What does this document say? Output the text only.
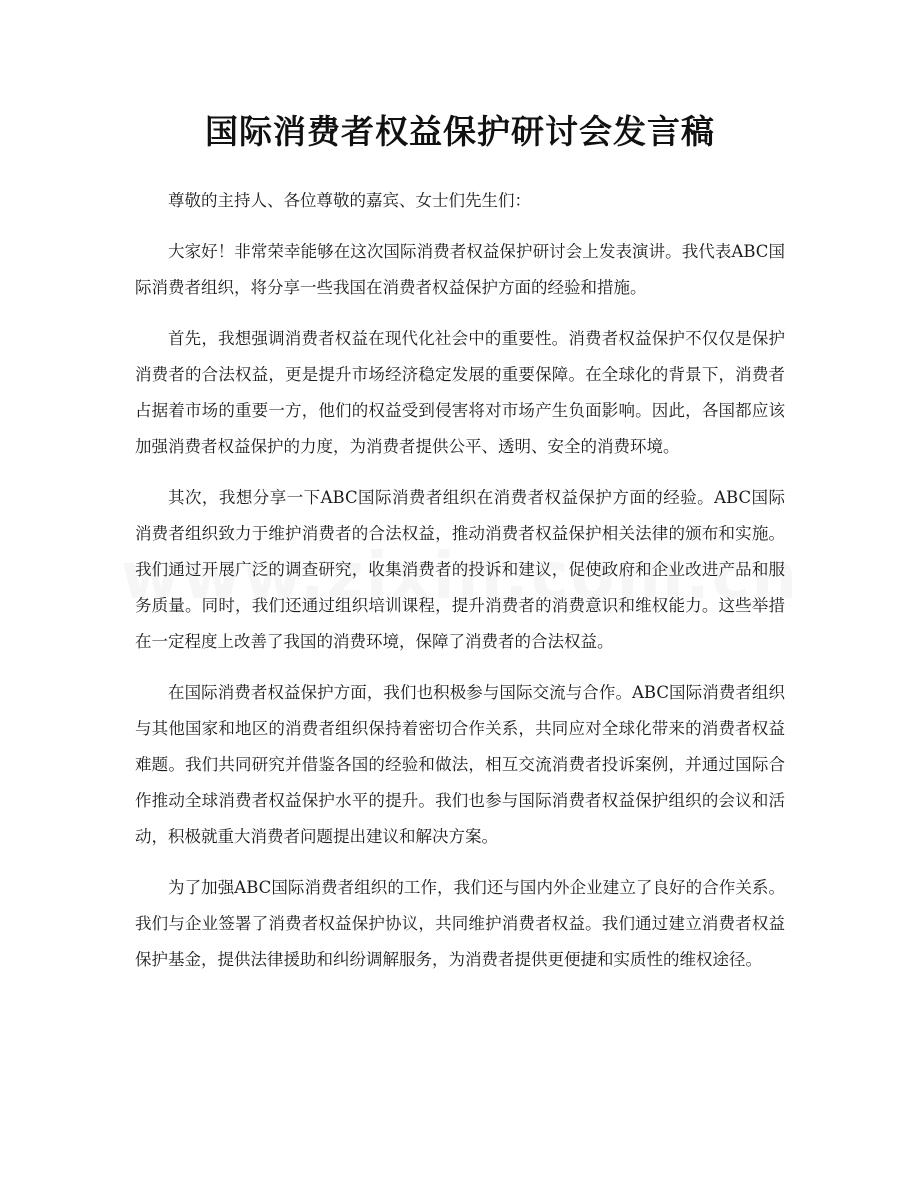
国际消费者权益保护研讨会发言稿

尊敬的主持人、各位尊敬的嘉宾、女士们先生们：

大家好！非常荣幸能够在这次国际消费者权益保护研讨会上发表演讲。我代表ABC国际消费者组织，将分享一些我国在消费者权益保护方面的经验和措施。

首先，我想强调消费者权益在现代化社会中的重要性。消费者权益保护不仅仅是保护消费者的合法权益，更是提升市场经济稳定发展的重要保障。在全球化的背景下，消费者占据着市场的重要一方，他们的权益受到侵害将对市场产生负面影响。因此，各国都应该加强消费者权益保护的力度，为消费者提供公平、透明、安全的消费环境。

其次，我想分享一下ABC国际消费者组织在消费者权益保护方面的经验。ABC国际消费者组织致力于维护消费者的合法权益，推动消费者权益保护相关法律的颁布和实施。我们通过开展广泛的调查研究，收集消费者的投诉和建议，促使政府和企业改进产品和服务质量。同时，我们还通过组织培训课程，提升消费者的消费意识和维权能力。这些举措在一定程度上改善了我国的消费环境，保障了消费者的合法权益。

在国际消费者权益保护方面，我们也积极参与国际交流与合作。ABC国际消费者组织与其他国家和地区的消费者组织保持着密切合作关系，共同应对全球化带来的消费者权益难题。我们共同研究并借鉴各国的经验和做法，相互交流消费者投诉案例，并通过国际合作推动全球消费者权益保护水平的提升。我们也参与国际消费者权益保护组织的会议和活动，积极就重大消费者问题提出建议和解决方案。

为了加强ABC国际消费者组织的工作，我们还与国内外企业建立了良好的合作关系。我们与企业签署了消费者权益保护协议，共同维护消费者权益。我们通过建立消费者权益保护基金，提供法律援助和纠纷调解服务，为消费者提供更便捷和实质性的维权途径。
